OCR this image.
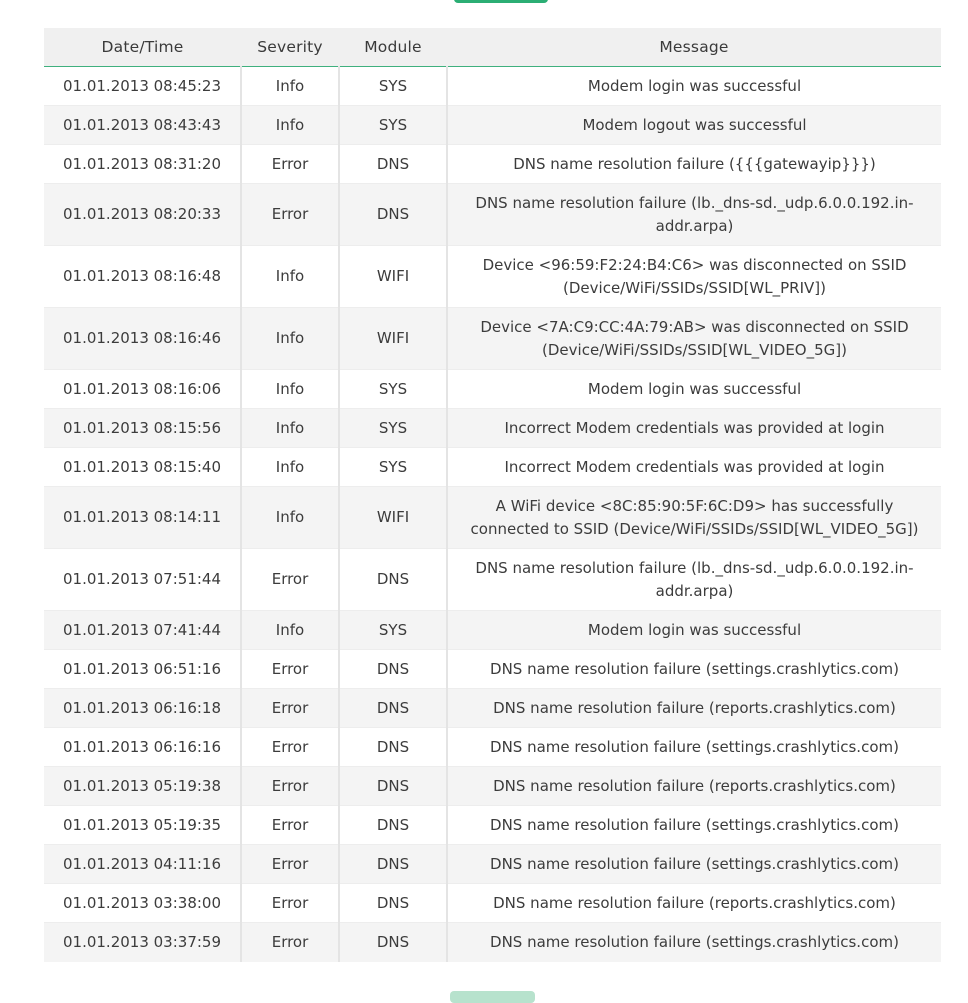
Date/Time	Severity	Module	Message
01.01.2013 08:45:23	Info	SYS	Modem login was successful
01.01.2013 08:43:43	Info	SYS	Modem logout was successful
01.01.2013 08:31:20	Error	DNS	DNS name resolution failure ({{{gatewayip}}})
01.01.2013 08:20:33	Error	DNS	DNS name resolution failure (lb._dns-sd._udp.6.0.0.192.in-addr.arpa)
01.01.2013 08:16:48	Info	WIFI	Device <96:59:F2:24:B4:C6> was disconnected on SSID (Device/WiFi/SSIDs/SSID[WL_PRIV])
01.01.2013 08:16:46	Info	WIFI	Device <7A:C9:CC:4A:79:AB> was disconnected on SSID (Device/WiFi/SSIDs/SSID[WL_VIDEO_5G])
01.01.2013 08:16:06	Info	SYS	Modem login was successful
01.01.2013 08:15:56	Info	SYS	Incorrect Modem credentials was provided at login
01.01.2013 08:15:40	Info	SYS	Incorrect Modem credentials was provided at login
01.01.2013 08:14:11	Info	WIFI	A WiFi device <8C:85:90:5F:6C:D9> has successfully connected to SSID (Device/WiFi/SSIDs/SSID[WL_VIDEO_5G])
01.01.2013 07:51:44	Error	DNS	DNS name resolution failure (lb._dns-sd._udp.6.0.0.192.in-addr.arpa)
01.01.2013 07:41:44	Info	SYS	Modem login was successful
01.01.2013 06:51:16	Error	DNS	DNS name resolution failure (settings.crashlytics.com)
01.01.2013 06:16:18	Error	DNS	DNS name resolution failure (reports.crashlytics.com)
01.01.2013 06:16:16	Error	DNS	DNS name resolution failure (settings.crashlytics.com)
01.01.2013 05:19:38	Error	DNS	DNS name resolution failure (reports.crashlytics.com)
01.01.2013 05:19:35	Error	DNS	DNS name resolution failure (settings.crashlytics.com)
01.01.2013 04:11:16	Error	DNS	DNS name resolution failure (settings.crashlytics.com)
01.01.2013 03:38:00	Error	DNS	DNS name resolution failure (reports.crashlytics.com)
01.01.2013 03:37:59	Error	DNS	DNS name resolution failure (settings.crashlytics.com)
